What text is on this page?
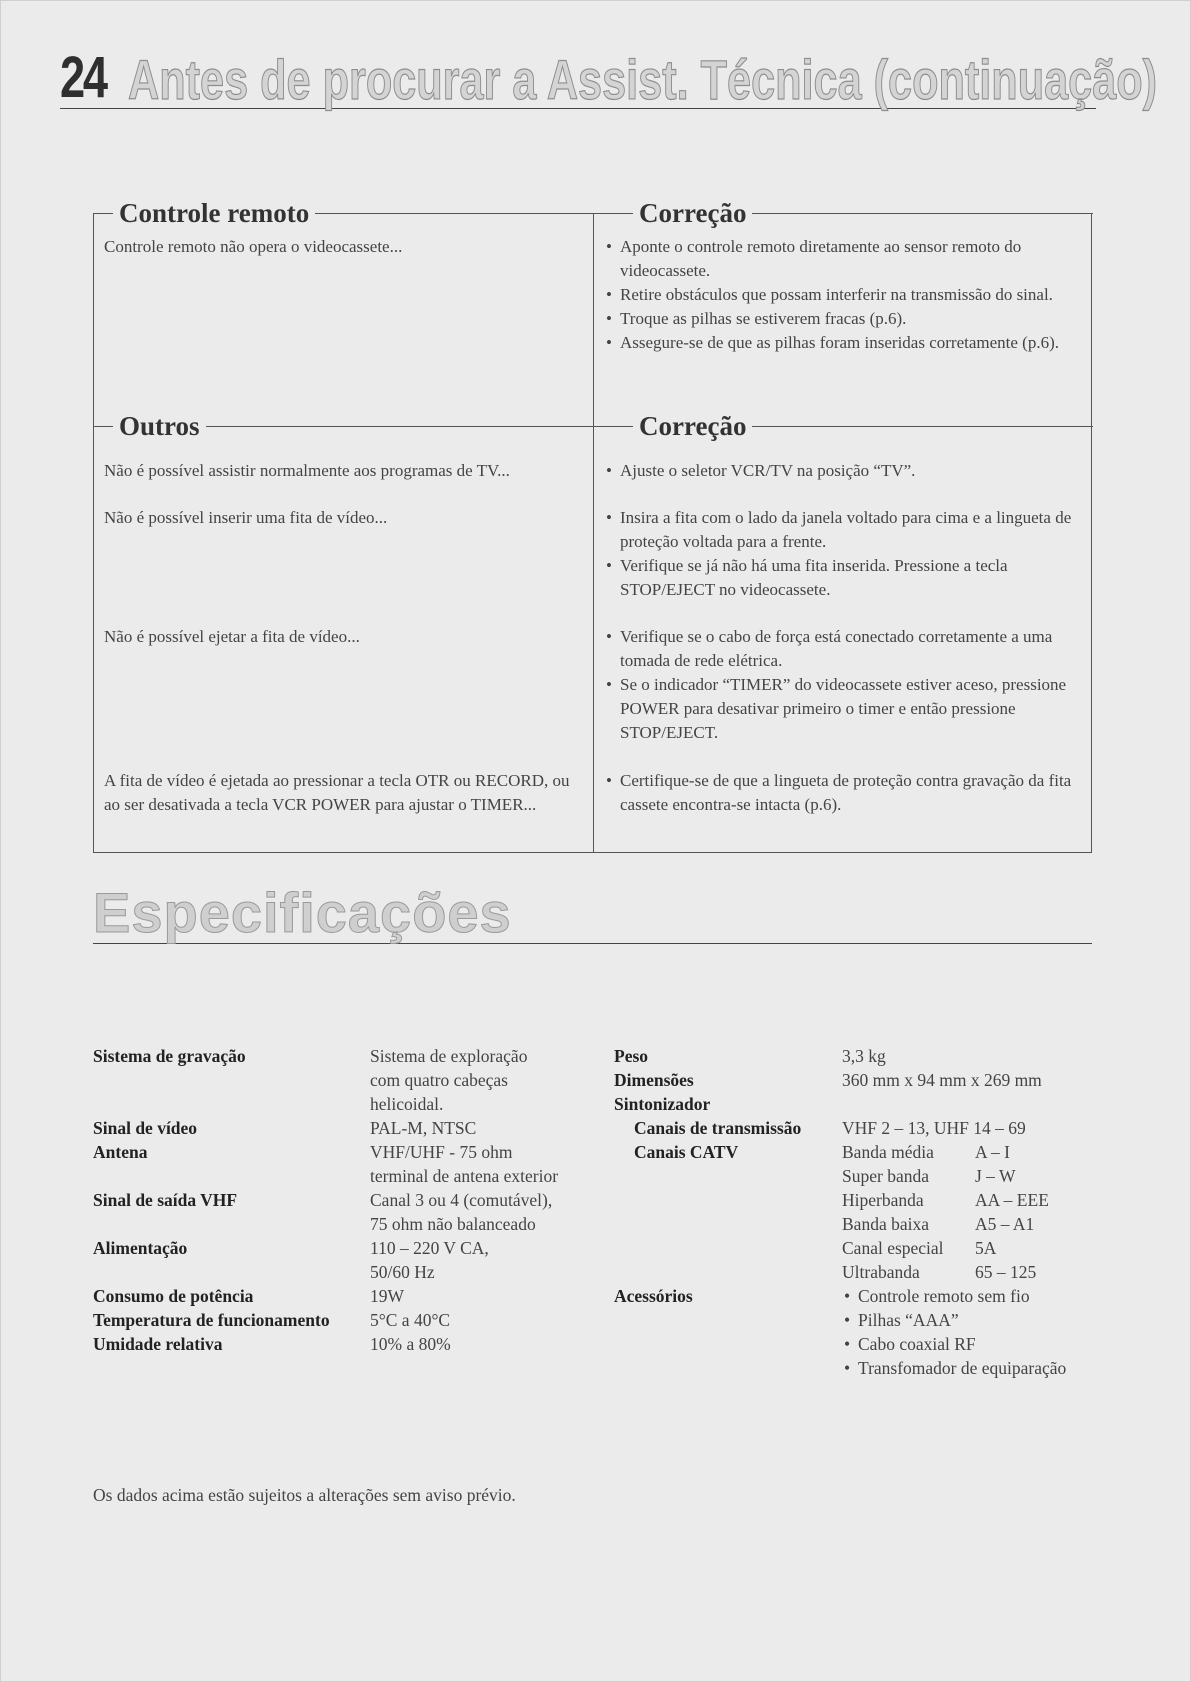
24 Antes de procurar a Assist. Técnica (continuação)
Controle remoto	Correção
Controle remoto não opera o videocassete...	• Aponte o controle remoto diretamente ao sensor remoto do videocassete.
• Retire obstáculos que possam interferir na transmissão do sinal.
• Troque as pilhas se estiverem fracas (p.6).
• Assegure-se de que as pilhas foram inseridas corretamente (p.6).
Outros	Correção
Não é possível assistir normalmente aos programas de TV...	• Ajuste o seletor VCR/TV na posição “TV”.
Não é possível inserir uma fita de vídeo...	• Insira a fita com o lado da janela voltado para cima e a lingueta de proteção voltada para a frente.
• Verifique se já não há uma fita inserida. Pressione a tecla STOP/EJECT no videocassete.
Não é possível ejetar a fita de vídeo...	• Verifique se o cabo de força está conectado corretamente a uma tomada de rede elétrica.
• Se o indicador “TIMER” do videocassete estiver aceso, pressione POWER para desativar primeiro o timer e então pressione STOP/EJECT.
A fita de vídeo é ejetada ao pressionar a tecla OTR ou RECORD, ou ao ser desativada a tecla VCR POWER para ajustar o TIMER...
• Certifique-se de que a lingueta de proteção contra gravação da fita cassete encontra-se intacta (p.6).
Especificações
Sistema de gravação	Sistema de exploração
com quatro cabeças
helicoidal.
Sinal de vídeo	PAL-M, NTSC
Antena	VHF/UHF - 75 ohm
terminal de antena exterior
Sinal de saída VHF	Canal 3 ou 4 (comutável),
75 ohm não balanceado
Alimentação	110 – 220 V CA,
50/60 Hz
Consumo de potência	19W
Temperatura de funcionamento	5°C a 40°C
Umidade relativa	10% a 80%
Peso	3,3 kg
Dimensões	360 mm x 94 mm x 269 mm
Sintonizador
Canais de transmissão	VHF 2 – 13, UHF 14 – 69
Canais CATV	Banda média	A – I
Super banda	J – W
Hiperbanda	AA – EEE
Banda baixa	A5 – A1
Canal especial	5A
Ultrabanda	65 – 125
Acessórios	• Controle remoto sem fio
• Pilhas “AAA”
• Cabo coaxial RF
• Transfomador de equiparação
Os dados acima estão sujeitos a alterações sem aviso prévio.
